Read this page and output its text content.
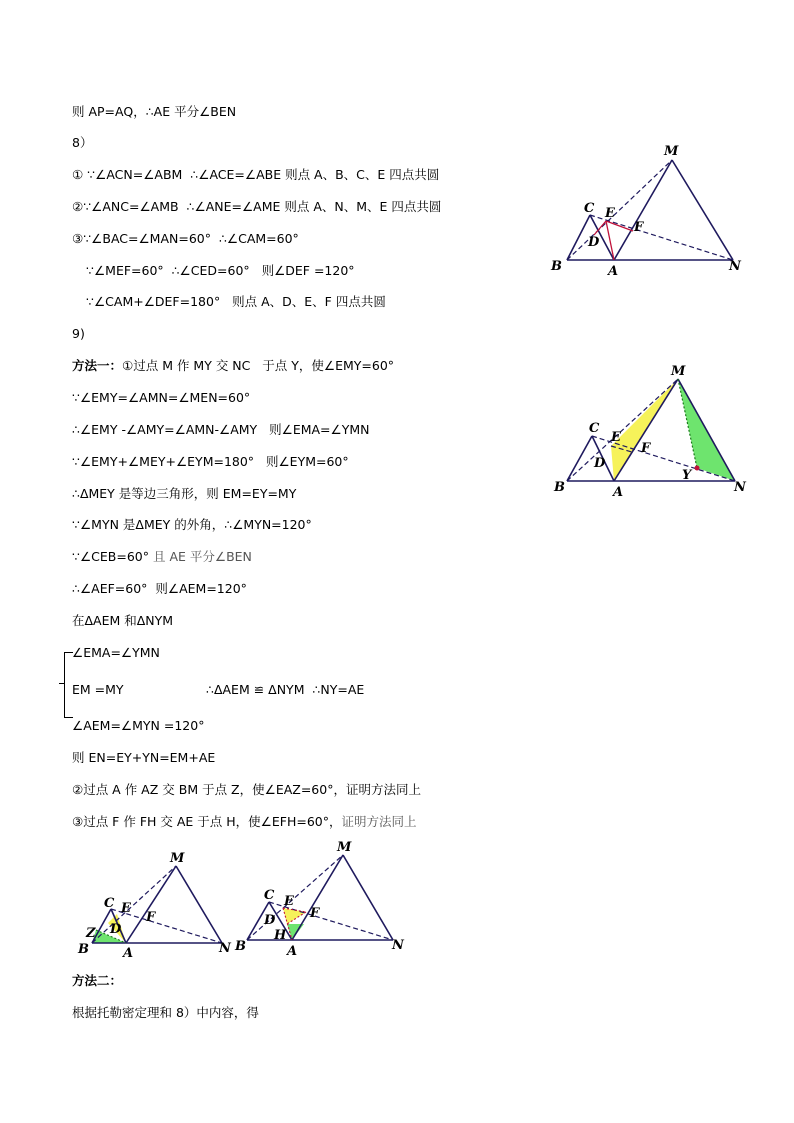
则 AP=AQ，∴AE 平分∠BEN
8）
① ∵∠ACN=∠ABM  ∴∠ACE=∠ABE 则点 A、B、C、E 四点共圆
②∵∠ANC=∠AMB  ∴∠ANE=∠AME 则点 A、N、M、E 四点共圆
③∵∠BAC=∠MAN=60°  ∴∠CAM=60°
∵∠MEF=60°  ∴∠CED=60°   则∠DEF =120°
∵∠CAM+∠DEF=180°   则点 A、D、E、F 四点共圆
9)
方法一：①过点 M 作 MY 交 NC   于点 Y，使∠EMY=60°
∵∠EMY=∠AMN=∠MEN=60°
∴∠EMY -∠AMY=∠AMN-∠AMY   则∠EMA=∠YMN
∵∠EMY+∠MEY+∠EYM=180°   则∠EYM=60°
∴ΔMEY 是等边三角形，则 EM=EY=MY
∵∠MYN 是ΔMEY 的外角，∴∠MYN=120°
∵∠CEB=60° 且 AE 平分∠BEN
∴∠AEF=60°  则∠AEM=120°
在ΔAEM 和ΔNYM
∠EMA=∠YMN
EM =MY	∴ΔAEM ≌ ΔNYM  ∴NY=AE
∠AEM=∠MYN =120°
则 EN=EY+YN=EM+AE
②过点 A 作 AZ 交 BM 于点 Z，使∠EAZ=60°，证明方法同上
③过点 F 作 FH 交 AE 于点 H，使∠EFH=60°，证明方法同上
方法二：
根据托勒密定理和 8）中内容，得
M
C E
F
D
B	A	N
M
C
E
F
D
B	A
Y
N
M
C E
F
D
Z
B	A	N
M
C E
F
D
H
B	A	N
